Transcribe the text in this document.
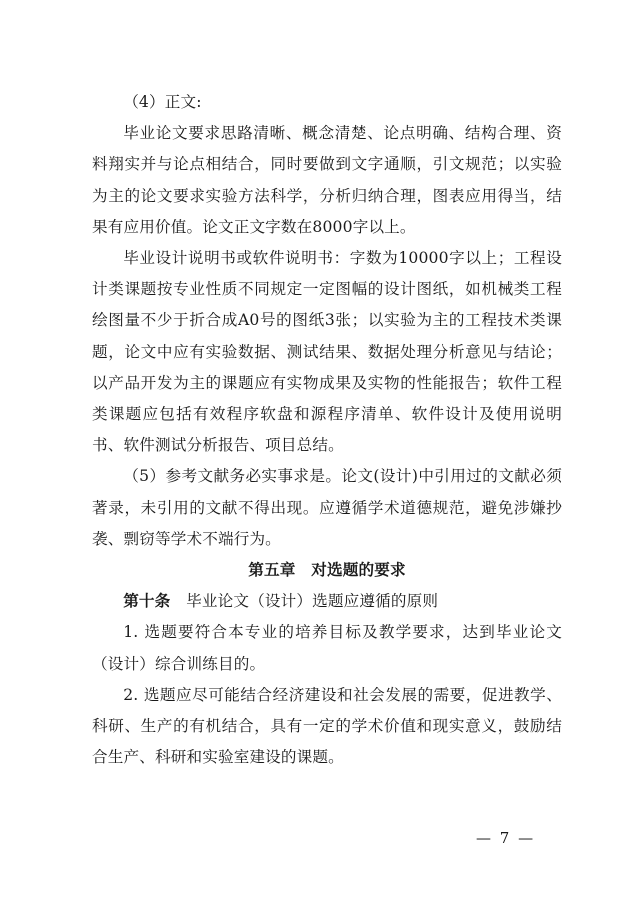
（4）正文:

毕业论文要求思路清晰、概念清楚、论点明确、结构合理、资料翔实并与论点相结合，同时要做到文字通顺，引文规范；以实验为主的论文要求实验方法科学，分析归纳合理，图表应用得当，结果有应用价值。论文正文字数在8000字以上。

毕业设计说明书或软件说明书：字数为10000字以上；工程设计类课题按专业性质不同规定一定图幅的设计图纸，如机械类工程绘图量不少于折合成A0号的图纸3张；以实验为主的工程技术类课题，论文中应有实验数据、测试结果、数据处理分析意见与结论；以产品开发为主的课题应有实物成果及实物的性能报告；软件工程类课题应包括有效程序软盘和源程序清单、软件设计及使用说明书、软件测试分析报告、项目总结。

（5）参考文献务必实事求是。论文(设计)中引用过的文献必须著录，未引用的文献不得出现。应遵循学术道德规范，避免涉嫌抄袭、剽窃等学术不端行为。

第五章　对选题的要求

第十条　毕业论文（设计）选题应遵循的原则

1. 选题要符合本专业的培养目标及教学要求，达到毕业论文（设计）综合训练目的。

2. 选题应尽可能结合经济建设和社会发展的需要，促进教学、科研、生产的有机结合，具有一定的学术价值和现实意义，鼓励结合生产、科研和实验室建设的课题。

— 7 —
